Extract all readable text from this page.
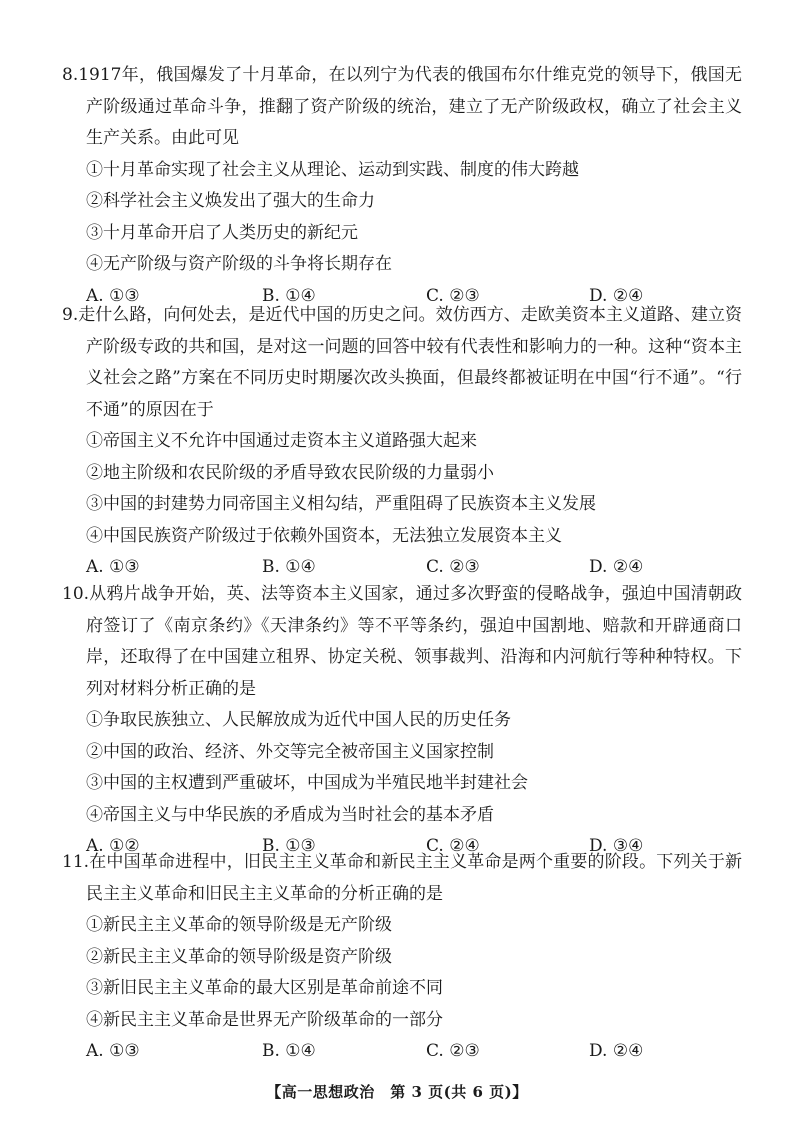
8.1917年，俄国爆发了十月革命，在以列宁为代表的俄国布尔什维克党的领导下，俄国无产阶级通过革命斗争，推翻了资产阶级的统治，建立了无产阶级政权，确立了社会主义生产关系。由此可见

①十月革命实现了社会主义从理论、运动到实践、制度的伟大跨越

②科学社会主义焕发出了强大的生命力

③十月革命开启了人类历史的新纪元

④无产阶级与资产阶级的斗争将长期存在

A. ①③	B. ①④	C. ②③	D. ②④

9.走什么路，向何处去，是近代中国的历史之问。效仿西方、走欧美资本主义道路、建立资产阶级专政的共和国，是对这一问题的回答中较有代表性和影响力的一种。这种“资本主义社会之路”方案在不同历史时期屡次改头换面，但最终都被证明在中国“行不通”。“行不通”的原因在于

①帝国主义不允许中国通过走资本主义道路强大起来

②地主阶级和农民阶级的矛盾导致农民阶级的力量弱小

③中国的封建势力同帝国主义相勾结，严重阻碍了民族资本主义发展

④中国民族资产阶级过于依赖外国资本，无法独立发展资本主义

A. ①③	B. ①④	C. ②③	D. ②④

10.从鸦片战争开始，英、法等资本主义国家，通过多次野蛮的侵略战争，强迫中国清朝政府签订了《南京条约》《天津条约》等不平等条约，强迫中国割地、赔款和开辟通商口岸，还取得了在中国建立租界、协定关税、领事裁判、沿海和内河航行等种种特权。下列对材料分析正确的是

①争取民族独立、人民解放成为近代中国人民的历史任务

②中国的政治、经济、外交等完全被帝国主义国家控制

③中国的主权遭到严重破坏，中国成为半殖民地半封建社会

④帝国主义与中华民族的矛盾成为当时社会的基本矛盾

A. ①②	B. ①③	C. ②④	D. ③④

11.在中国革命进程中，旧民主主义革命和新民主主义革命是两个重要的阶段。下列关于新民主主义革命和旧民主主义革命的分析正确的是

①新民主主义革命的领导阶级是无产阶级

②新民主主义革命的领导阶级是资产阶级

③新旧民主主义革命的最大区别是革命前途不同

④新民主主义革命是世界无产阶级革命的一部分

A. ①③	B. ①④	C. ②③	D. ②④
【高一思想政治　第 3 页(共 6 页)】
